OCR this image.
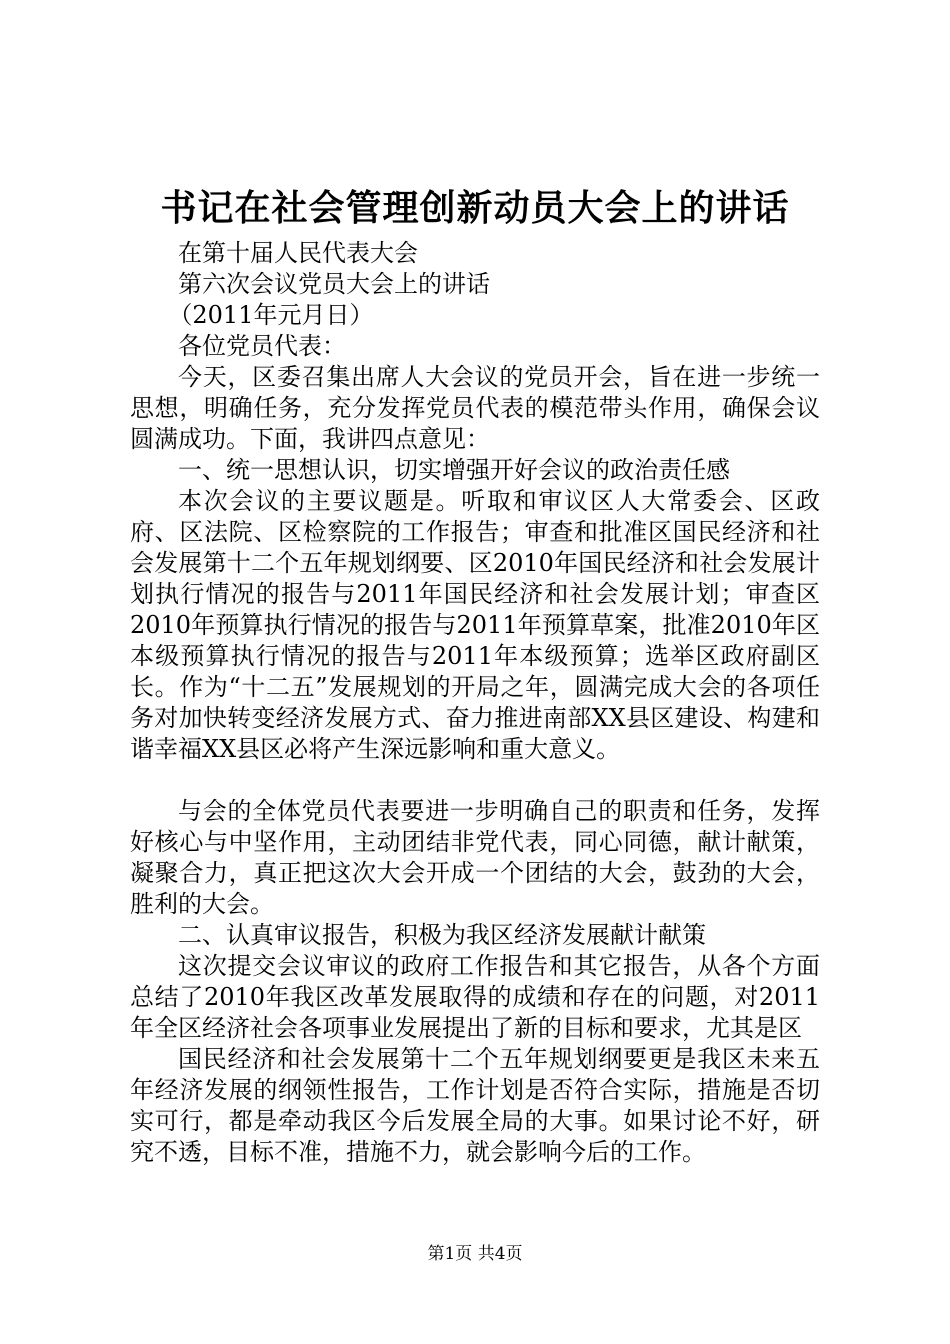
书记在社会管理创新动员大会上的讲话

在第十届人民代表大会

第六次会议党员大会上的讲话

（2011年元月日）

各位党员代表：

今天，区委召集出席人大会议的党员开会，旨在进一步统一思想，明确任务，充分发挥党员代表的模范带头作用，确保会议圆满成功。下面，我讲四点意见：

一、统一思想认识，切实增强开好会议的政治责任感

本次会议的主要议题是。听取和审议区人大常委会、区政府、区法院、区检察院的工作报告；审查和批准区国民经济和社会发展第十二个五年规划纲要、区2010年国民经济和社会发展计划执行情况的报告与2011年国民经济和社会发展计划；审查区2010年预算执行情况的报告与2011年预算草案，批准2010年区本级预算执行情况的报告与2011年本级预算；选举区政府副区长。作为“十二五”发展规划的开局之年，圆满完成大会的各项任务对加快转变经济发展方式、奋力推进南部XX县区建设、构建和谐幸福XX县区必将产生深远影响和重大意义。

与会的全体党员代表要进一步明确自己的职责和任务，发挥好核心与中坚作用，主动团结非党代表，同心同德，献计献策，凝聚合力，真正把这次大会开成一个团结的大会，鼓劲的大会，胜利的大会。

二、认真审议报告，积极为我区经济发展献计献策

这次提交会议审议的政府工作报告和其它报告，从各个方面总结了2010年我区改革发展取得的成绩和存在的问题，对2011年全区经济社会各项事业发展提出了新的目标和要求，尤其是区

国民经济和社会发展第十二个五年规划纲要更是我区未来五年经济发展的纲领性报告，工作计划是否符合实际，措施是否切实可行，都是牵动我区今后发展全局的大事。如果讨论不好，研究不透，目标不准，措施不力，就会影响今后的工作。

第1页 共4页
